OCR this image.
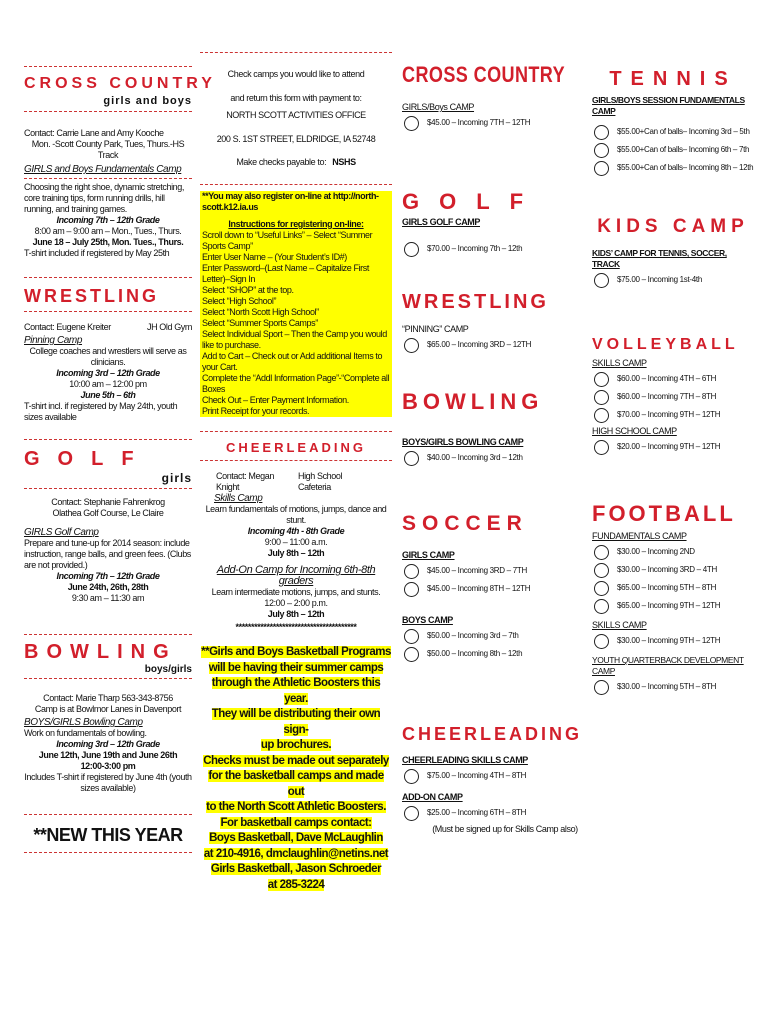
CROSS COUNTRY
girls and boys
Contact: Carrie Lane and Amy Kooche
Mon. -Scott County Park, Tues, Thurs.-HS Track
GIRLS and Boys Fundamentals Camp
Choosing the right shoe, dynamic stretching, core training tips, form running drills, hill running, and training games.
Incoming 7th – 12th Grade
8:00 am – 9:00 am – Mon., Tues., Thurs.
June 18 – July 25th, Mon. Tues., Thurs.
T-shirt included if registered by May 25th
WRESTLING
Contact: Eugene Kreiter	JH Old Gym
Pinning Camp
College coaches and wrestlers will serve as clinicians.
Incoming 3rd – 12th Grade
10:00 am – 12:00 pm
June 5th – 6th
T-shirt incl. if registered by May 24th, youth sizes available
GOLF
girls
Contact: Stephanie Fahrenkrog
Olathea Golf Course, Le Claire
GIRLS Golf Camp
Prepare and tune-up for 2014 season: include instruction, range balls, and green fees. (Clubs are not provided.)
Incoming 7th – 12th Grade
June 24th, 26th, 28th
9:30 am – 11:30 am
BOWLING
boys/girls
Contact: Marie Tharp 563-343-8756
Camp is at Bowlmor Lanes in Davenport
BOYS/GIRLS Bowling Camp
Work on fundamentals of bowling.
Incoming 3rd – 12th Grade
June 12th, June 19th and June 26th
12:00-3:00 pm
Includes T-shirt if registered by June 4th (youth sizes available)
**NEW THIS YEAR
Check camps you would like to attend
and return this form with payment to:
NORTH SCOTT ACTIVITIES OFFICE
200 S. 1ST STREET, ELDRIDGE, IA 52748
Make checks payable to: NSHS
**You may also register on-line at http://north-scott.k12.ia.us
Instructions for registering on-line:
Scroll down to “Useful Links” – Select “Summer Sports Camp”
Enter User Name – (Your Student’s ID#)
Enter Password–(Last Name – Capitalize First Letter)–Sign In
Select “SHOP” at the top.
Select “High School”
Select “North Scott High School”
Select “Summer Sports Camps”
Select Individual Sport – Then the Camp you would like to purchase.
Add to Cart – Check out or Add additional Items to your Cart.
Complete the “Addl Information Page”-“Complete all Boxes
Check Out – Enter Payment Information.
Print Receipt for your records.
CHEERLEADING
Contact: Megan Knight
High School Cafeteria
Skills Camp
Learn fundamentals of motions, jumps, dance and stunt.
Incoming 4th - 8th Grade
9:00 – 11:00 a.m.
July 8th – 12th
Add-On Camp for Incoming 6th-8th graders
Learn intermediate motions, jumps, and stunts.
12:00 – 2:00 p.m.
July 8th – 12th
***************************************
**Girls and Boys Basketball Programs
will be having their summer camps
through the Athletic Boosters this year.
They will be distributing their own sign-
up brochures.
Checks must be made out separately
for the basketball camps and made out
to the North Scott Athletic Boosters.
For basketball camps contact:
Boys Basketball, Dave McLaughlin
at 210-4916, dmclaughlin@netins.net
Girls Basketball, Jason Schroeder
at 285-3224
CROSS COUNTRY
GIRLS/Boys CAMP
$45.00 – Incoming 7TH – 12TH
GOLF
GIRLS GOLF CAMP
$70.00 – Incoming 7th – 12th
WRESTLING
“PINNING” CAMP
$65.00 – Incoming 3RD – 12TH
BOWLING
BOYS/GIRLS BOWLING CAMP
$40.00 – Incoming 3rd – 12th
SOCCER
GIRLS CAMP
$45.00 – Incoming 3RD – 7TH
$45.00 – Incoming 8TH – 12TH
BOYS CAMP
$50.00 – Incoming 3rd – 7th
$50.00 – Incoming 8th – 12th
CHEERLEADING
CHEERLEADING SKILLS CAMP
$75.00 – Incoming 4TH – 8TH
ADD-ON CAMP
$25.00 – Incoming 6TH – 8TH
(Must be signed up for Skills Camp also)
TENNIS
GIRLS/BOYS SESSION FUNDAMENTALS CAMP
$55.00+Can of balls– Incoming 3rd – 5th
$55.00+Can of balls– Incoming 6th – 7th
$55.00+Can of balls– Incoming 8th – 12th
KIDS CAMP
KIDS’ CAMP FOR TENNIS, SOCCER, TRACK
$75.00 – Incoming 1st-4th
VOLLEYBALL
SKILLS CAMP
$60.00 – Incoming 4TH – 6TH
$60.00 – Incoming 7TH – 8TH
$70.00 – Incoming 9TH – 12TH
HIGH SCHOOL CAMP
$20.00 – Incoming 9TH – 12TH
FOOTBALL
FUNDAMENTALS CAMP
$30.00 – Incoming 2ND
$30.00 – Incoming 3RD – 4TH
$65.00 – Incoming 5TH – 8TH
$65.00 – Incoming 9TH – 12TH
SKILLS CAMP
$30.00 – Incoming 9TH – 12TH
YOUTH QUARTERBACK DEVELOPMENT CAMP
$30.00 – Incoming 5TH – 8TH
